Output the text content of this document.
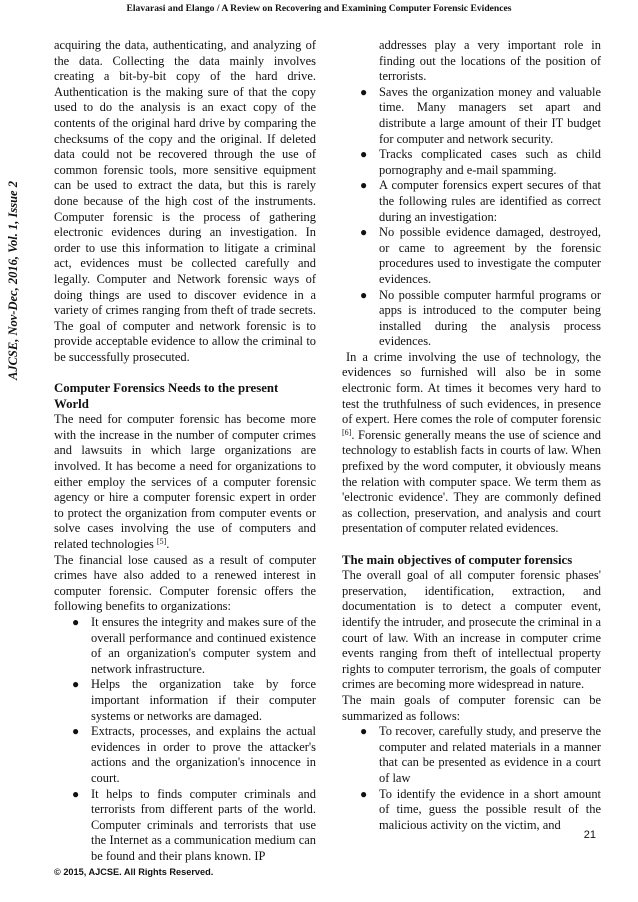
Elavarasi and Elango / A Review on Recovering and Examining Computer Forensic Evidences
AJCSE, Nov-Dec, 2016, Vol. 1, Issue 2

acquiring the data, authenticating, and analyzing of the data. Collecting the data mainly involves creating a bit-by-bit copy of the hard drive. Authentication is the making sure of that the copy used to do the analysis is an exact copy of the contents of the original hard drive by comparing the checksums of the copy and the original. If deleted data could not be recovered through the use of common forensic tools, more sensitive equipment can be used to extract the data, but this is rarely done because of the high cost of the instruments. Computer forensic is the process of gathering electronic evidences during an investigation. In order to use this information to litigate a criminal act, evidences must be collected carefully and legally. Computer and Network forensic ways of doing things are used to discover evidence in a variety of crimes ranging from theft of trade secrets. The goal of computer and network forensic is to provide acceptable evidence to allow the criminal to be successfully prosecuted.

Computer Forensics Needs to the present World

The need for computer forensic has become more with the increase in the number of computer crimes and lawsuits in which large organizations are involved. It has become a need for organizations to either employ the services of a computer forensic agency or hire a computer forensic expert in order to protect the organization from computer events or solve cases involving the use of computers and related technologies [5].

The financial lose caused as a result of computer crimes have also added to a renewed interest in computer forensic. Computer forensic offers the following benefits to organizations:

● It ensures the integrity and makes sure of the overall performance and continued existence of an organization's computer system and network infrastructure.
● Helps the organization take by force important information if their computer systems or networks are damaged.
● Extracts, processes, and explains the actual evidences in order to prove the attacker's actions and the organization's innocence in court.
● It helps to finds computer criminals and terrorists from different parts of the world. Computer criminals and terrorists that use the Internet as a communication medium can be found and their plans known. IP
addresses play a very important role in finding out the locations of the position of terrorists.
● Saves the organization money and valuable time. Many managers set apart and distribute a large amount of their IT budget for computer and network security.
● Tracks complicated cases such as child pornography and e-mail spamming.
● A computer forensics expert secures of that the following rules are identified as correct during an investigation:
● No possible evidence damaged, destroyed, or came to agreement by the forensic procedures used to investigate the computer evidences.
● No possible computer harmful programs or apps is introduced to the computer being installed during the analysis process evidences.

In a crime involving the use of technology, the evidences so furnished will also be in some electronic form. At times it becomes very hard to test the truthfulness of such evidences, in presence of expert. Here comes the role of computer forensic [6]. Forensic generally means the use of science and technology to establish facts in courts of law. When prefixed by the word computer, it obviously means the relation with computer space. We term them as 'electronic evidence'. They are commonly defined as collection, preservation, and analysis and court presentation of computer related evidences.

The main objectives of computer forensics

The overall goal of all computer forensic phases' preservation, identification, extraction, and documentation is to detect a computer event, identify the intruder, and prosecute the criminal in a court of law. With an increase in computer crime events ranging from theft of intellectual property rights to computer terrorism, the goals of computer crimes are becoming more widespread in nature.

The main goals of computer forensic can be summarized as follows:

● To recover, carefully study, and preserve the computer and related materials in a manner that can be presented as evidence in a court of law
● To identify the evidence in a short amount of time, guess the possible result of the malicious activity on the victim, and
21
© 2015, AJCSE. All Rights Reserved.
